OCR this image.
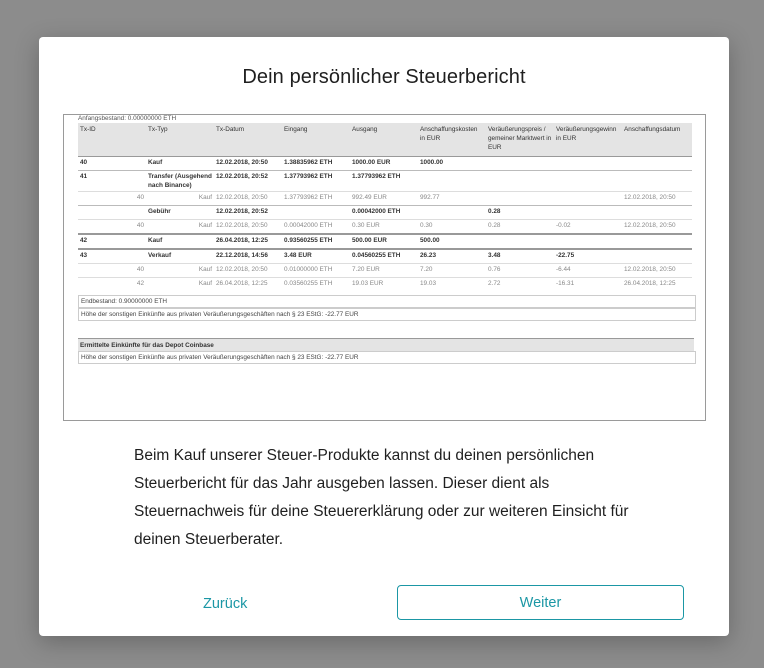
Dein persönlicher Steuerbericht
Anfangsbestand: 0.00000000 ETH
Tx-ID	Tx-Typ	Tx-Datum	Eingang	Ausgang	Anschaffungskosten in EUR	Veräußerungspreis / gemeiner Marktwert in EUR	Veräußerungsgewinn in EUR	Anschaffungsdatum
40	Kauf	12.02.2018, 20:50	1.38835962 ETH	1000.00 EUR	1000.00			
41	Transfer (Ausgehend nach Binance)	12.02.2018, 20:52	1.37793962 ETH	1.37793962 ETH				
40	Kauf	12.02.2018, 20:50	1.37793962 ETH	992.49 EUR	992.77			12.02.2018, 20:50
	Gebühr	12.02.2018, 20:52		0.00042000 ETH		0.28		
40	Kauf	12.02.2018, 20:50	0.00042000 ETH	0.30 EUR	0.30	0.28	-0.02	12.02.2018, 20:50
42	Kauf	26.04.2018, 12:25	0.93560255 ETH	500.00 EUR	500.00			
43	Verkauf	22.12.2018, 14:56	3.48 EUR	0.04560255 ETH	26.23	3.48	-22.75	
40	Kauf	12.02.2018, 20:50	0.01000000 ETH	7.20 EUR	7.20	0.76	-6.44	12.02.2018, 20:50
42	Kauf	26.04.2018, 12:25	0.03560255 ETH	19.03 EUR	19.03	2.72	-16.31	26.04.2018, 12:25
Endbestand: 0.90000000 ETH
Höhe der sonstigen Einkünfte aus privaten Veräußerungsgeschäften nach § 23 EStG: -22.77 EUR
Ermittelte Einkünfte für das Depot Coinbase
Höhe der sonstigen Einkünfte aus privaten Veräußerungsgeschäften nach § 23 EStG: -22.77 EUR
Beim Kauf unserer Steuer-Produkte kannst du deinen persönlichen Steuerbericht für das Jahr ausgeben lassen. Dieser dient als Steuernachweis für deine Steuererklärung oder zur weiteren Einsicht für deinen Steuerberater.
Zurück	Weiter
